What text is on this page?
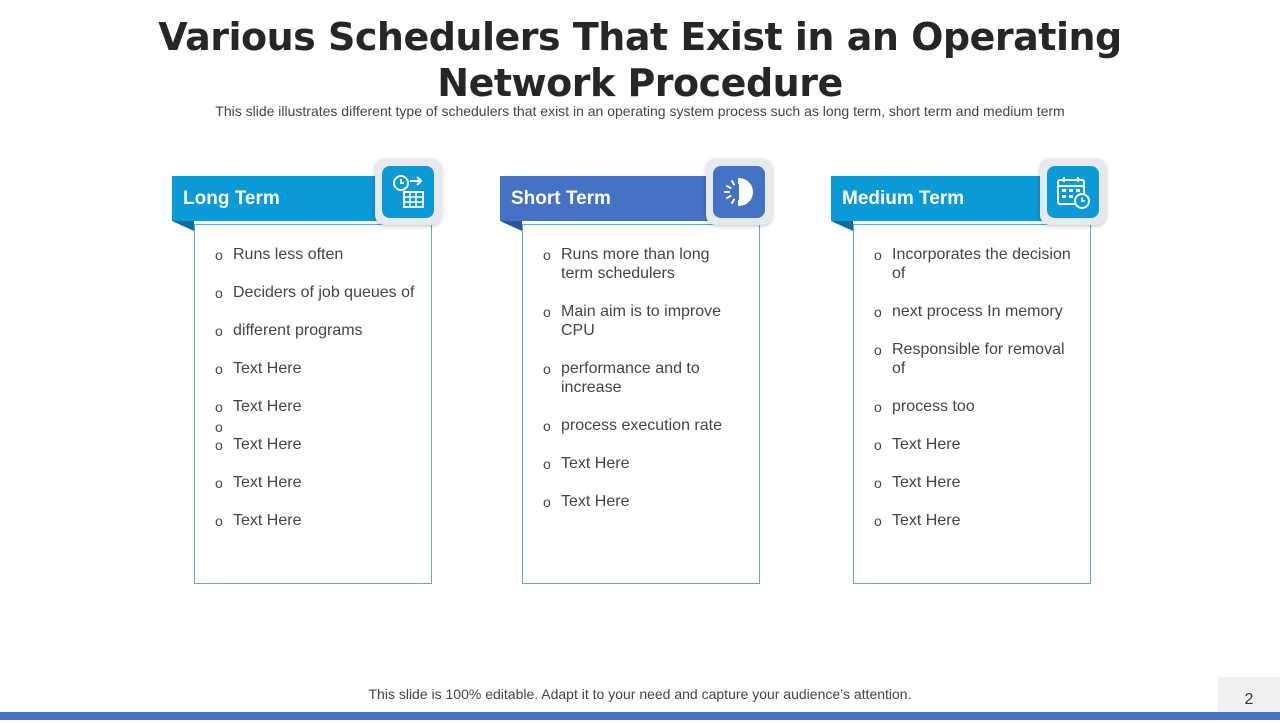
Various Schedulers That Exist in an Operating Network Procedure
This slide illustrates different type of schedulers that exist in an operating system process such as long term, short term and medium term
o Runs less often
o Deciders of job queues of
o different programs
o Text Here
o Text Here
o Text Here
o Text Here
o Text Here
o
Long Term
o Runs more than long term schedulers
o Main aim is to improve CPU
o performance and to increase
o process execution rate
o Text Here
o Text Here
Short Term
o Incorporates the decision of
o next process In memory
o Responsible for removal of
o process too
o Text Here
o Text Here
o Text Here
Medium Term
This slide is 100% editable. Adapt it to your need and capture your audience’s attention.	2
